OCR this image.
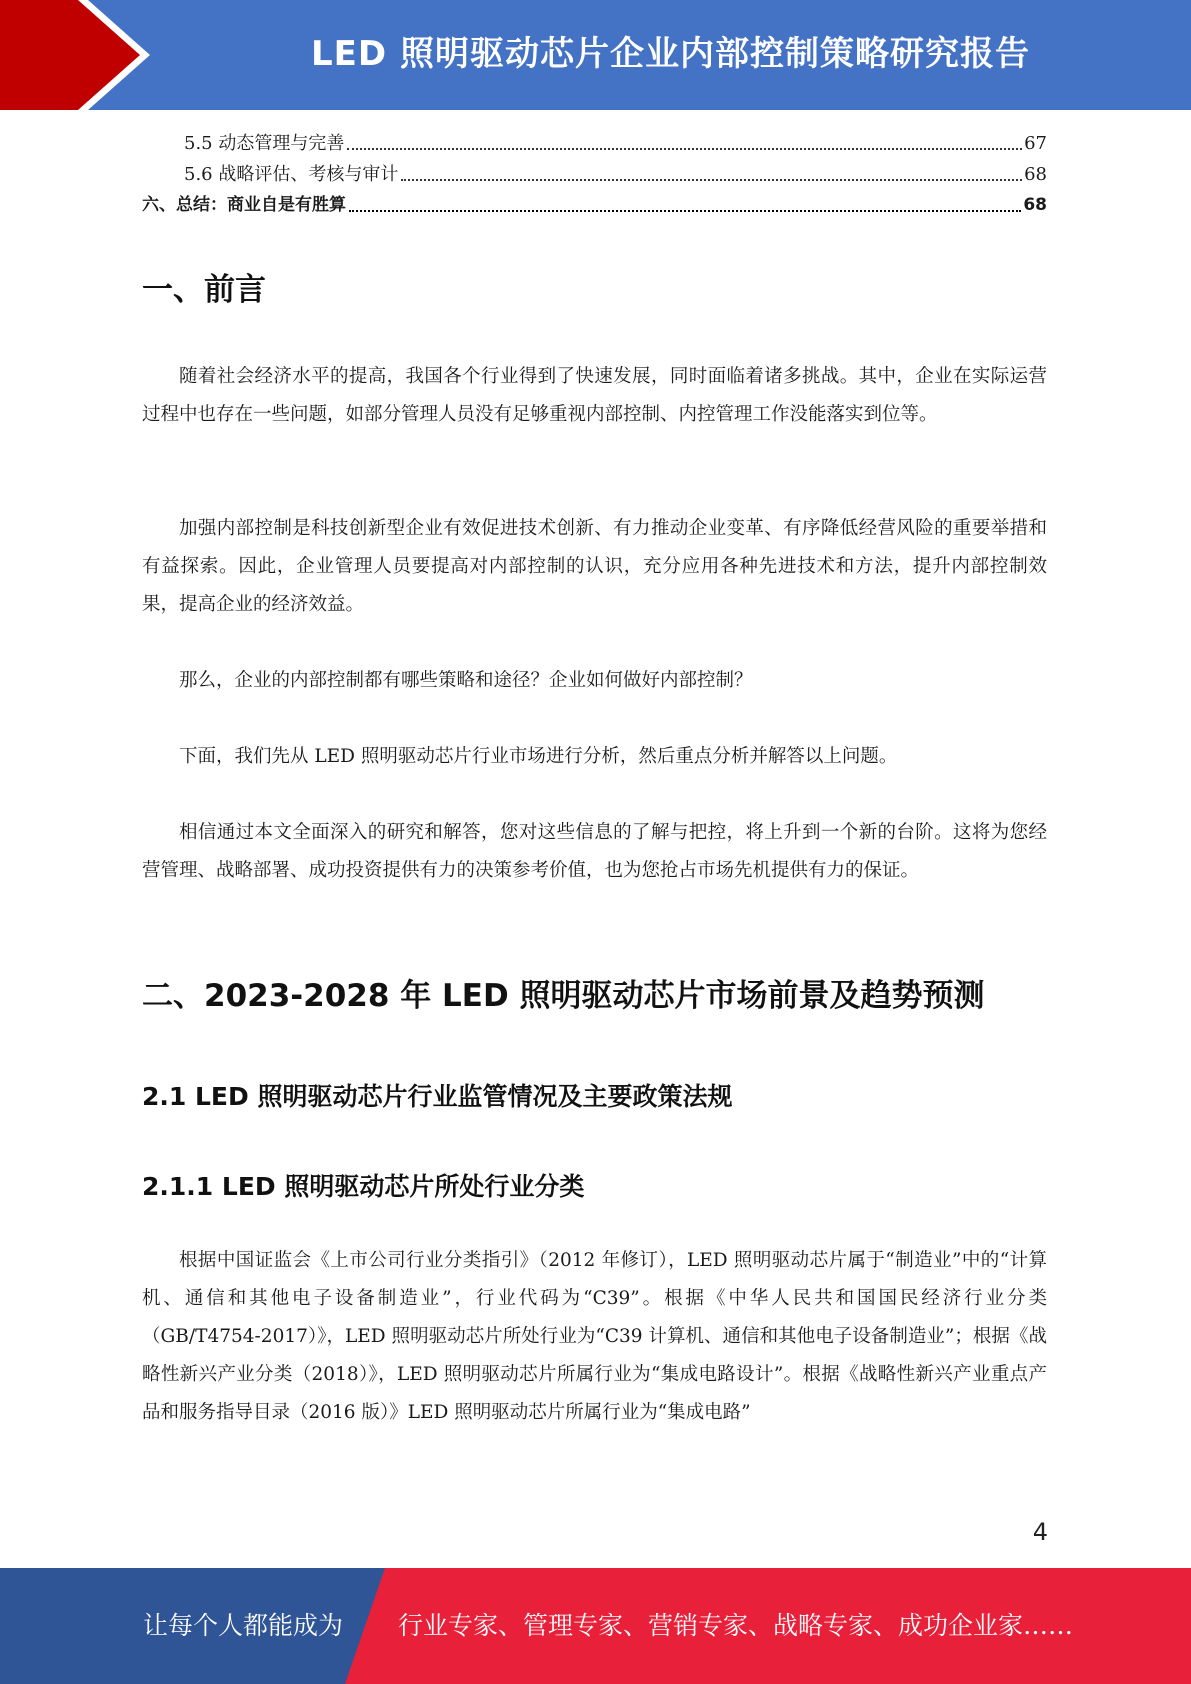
LED 照明驱动芯片企业内部控制策略研究报告
5.5 动态管理与完善	67
5.6 战略评估、考核与审计	68
六、总结：商业自是有胜算	68
一、前言

随着社会经济水平的提高，我国各个行业得到了快速发展，同时面临着诸多挑战。其中，企业在实际运营过程中也存在一些问题，如部分管理人员没有足够重视内部控制、内控管理工作没能落实到位等。

加强内部控制是科技创新型企业有效促进技术创新、有力推动企业变革、有序降低经营风险的重要举措和有益探索。因此，企业管理人员要提高对内部控制的认识，充分应用各种先进技术和方法，提升内部控制效果，提高企业的经济效益。

那么，企业的内部控制都有哪些策略和途径？企业如何做好内部控制？

下面，我们先从 LED 照明驱动芯片行业市场进行分析，然后重点分析并解答以上问题。

相信通过本文全面深入的研究和解答，您对这些信息的了解与把控，将上升到一个新的台阶。这将为您经营管理、战略部署、成功投资提供有力的决策参考价值，也为您抢占市场先机提供有力的保证。

二、2023-2028 年 LED 照明驱动芯片市场前景及趋势预测
2.1 LED 照明驱动芯片行业监管情况及主要政策法规
2.1.1 LED 照明驱动芯片所处行业分类

根据中国证监会《上市公司行业分类指引》（2012 年修订），LED 照明驱动芯片属于“制造业”中的“计算机、通信和其他电子设备制造业”，行业代码为“C39”。根据《中华人民共和国国民经济行业分类（GB/T4754-2017）》，LED 照明驱动芯片所处行业为“C39 计算机、通信和其他电子设备制造业”；根据《战略性新兴产业分类（2018）》，LED 照明驱动芯片所属行业为“集成电路设计”。根据《战略性新兴产业重点产品和服务指导目录（2016 版）》LED 照明驱动芯片所属行业为“集成电路”

4
让每个人都能成为 行业专家、管理专家、营销专家、战略专家、成功企业家……
